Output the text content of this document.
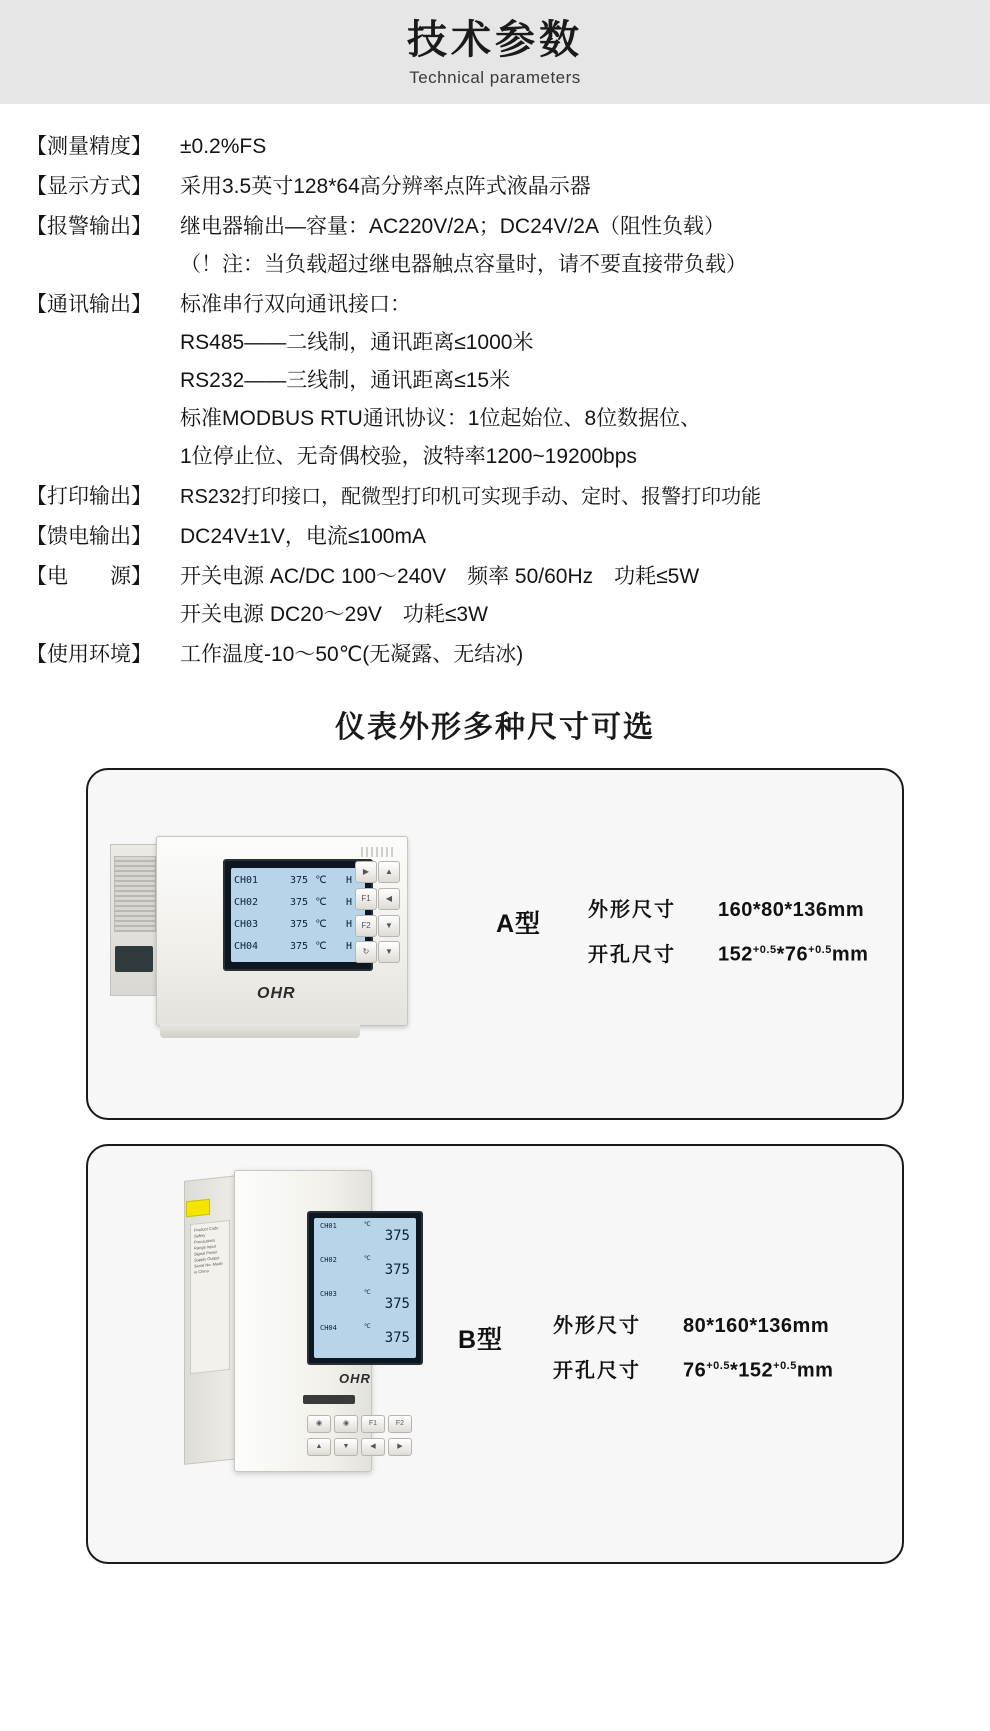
技术参数
Technical parameters
【测量精度】	±0.2%FS
【显示方式】	采用3.5英寸128*64高分辨率点阵式液晶示器
【报警输出】	继电器输出—容量：AC220V/2A；DC24V/2A（阻性负载）
（！注：当负载超过继电器触点容量时，请不要直接带负载）
【通讯输出】	标准串行双向通讯接口：
RS485——二线制，通讯距离≤1000米
RS232——三线制，通讯距离≤15米
标准MODBUS RTU通讯协议：1位起始位、8位数据位、
1位停止位、无奇偶校验，波特率1200~19200bps
【打印输出】	RS232打印接口，配微型打印机可实现手动、定时、报警打印功能
【馈电输出】	DC24V±1V，电流≤100mA
【电　　源】	开关电源 AC/DC 100～240V　频率 50/60Hz　功耗≤5W
开关电源 DC20～29V　功耗≤3W
【使用环境】	工作温度-10～50℃(无凝露、无结冰)
仪表外形多种尺寸可选
CH01	375 ℃	H
CH02	375 ℃	H
CH03	375 ℃	H
CH04	375 ℃	H
▶	▲
F1	◀
F2	▼
↻	▼
OHR
A型 外形尺寸	160*80*136mm
开孔尺寸	$152^{+0.5}*76^{+0.5}mm$
Product Code Safety Precautions Range Input Signal Power Supply Output Serial No. Made in China
CH01	℃
375
CH02	℃
375
CH03	℃
375
CH04	℃
375
OHR
◉	◉	F1	F2
▲	▼	◀	▶
B型 外形尺寸	80*160*136mm
开孔尺寸	$76^{+0.5}*152^{+0.5}mm$
